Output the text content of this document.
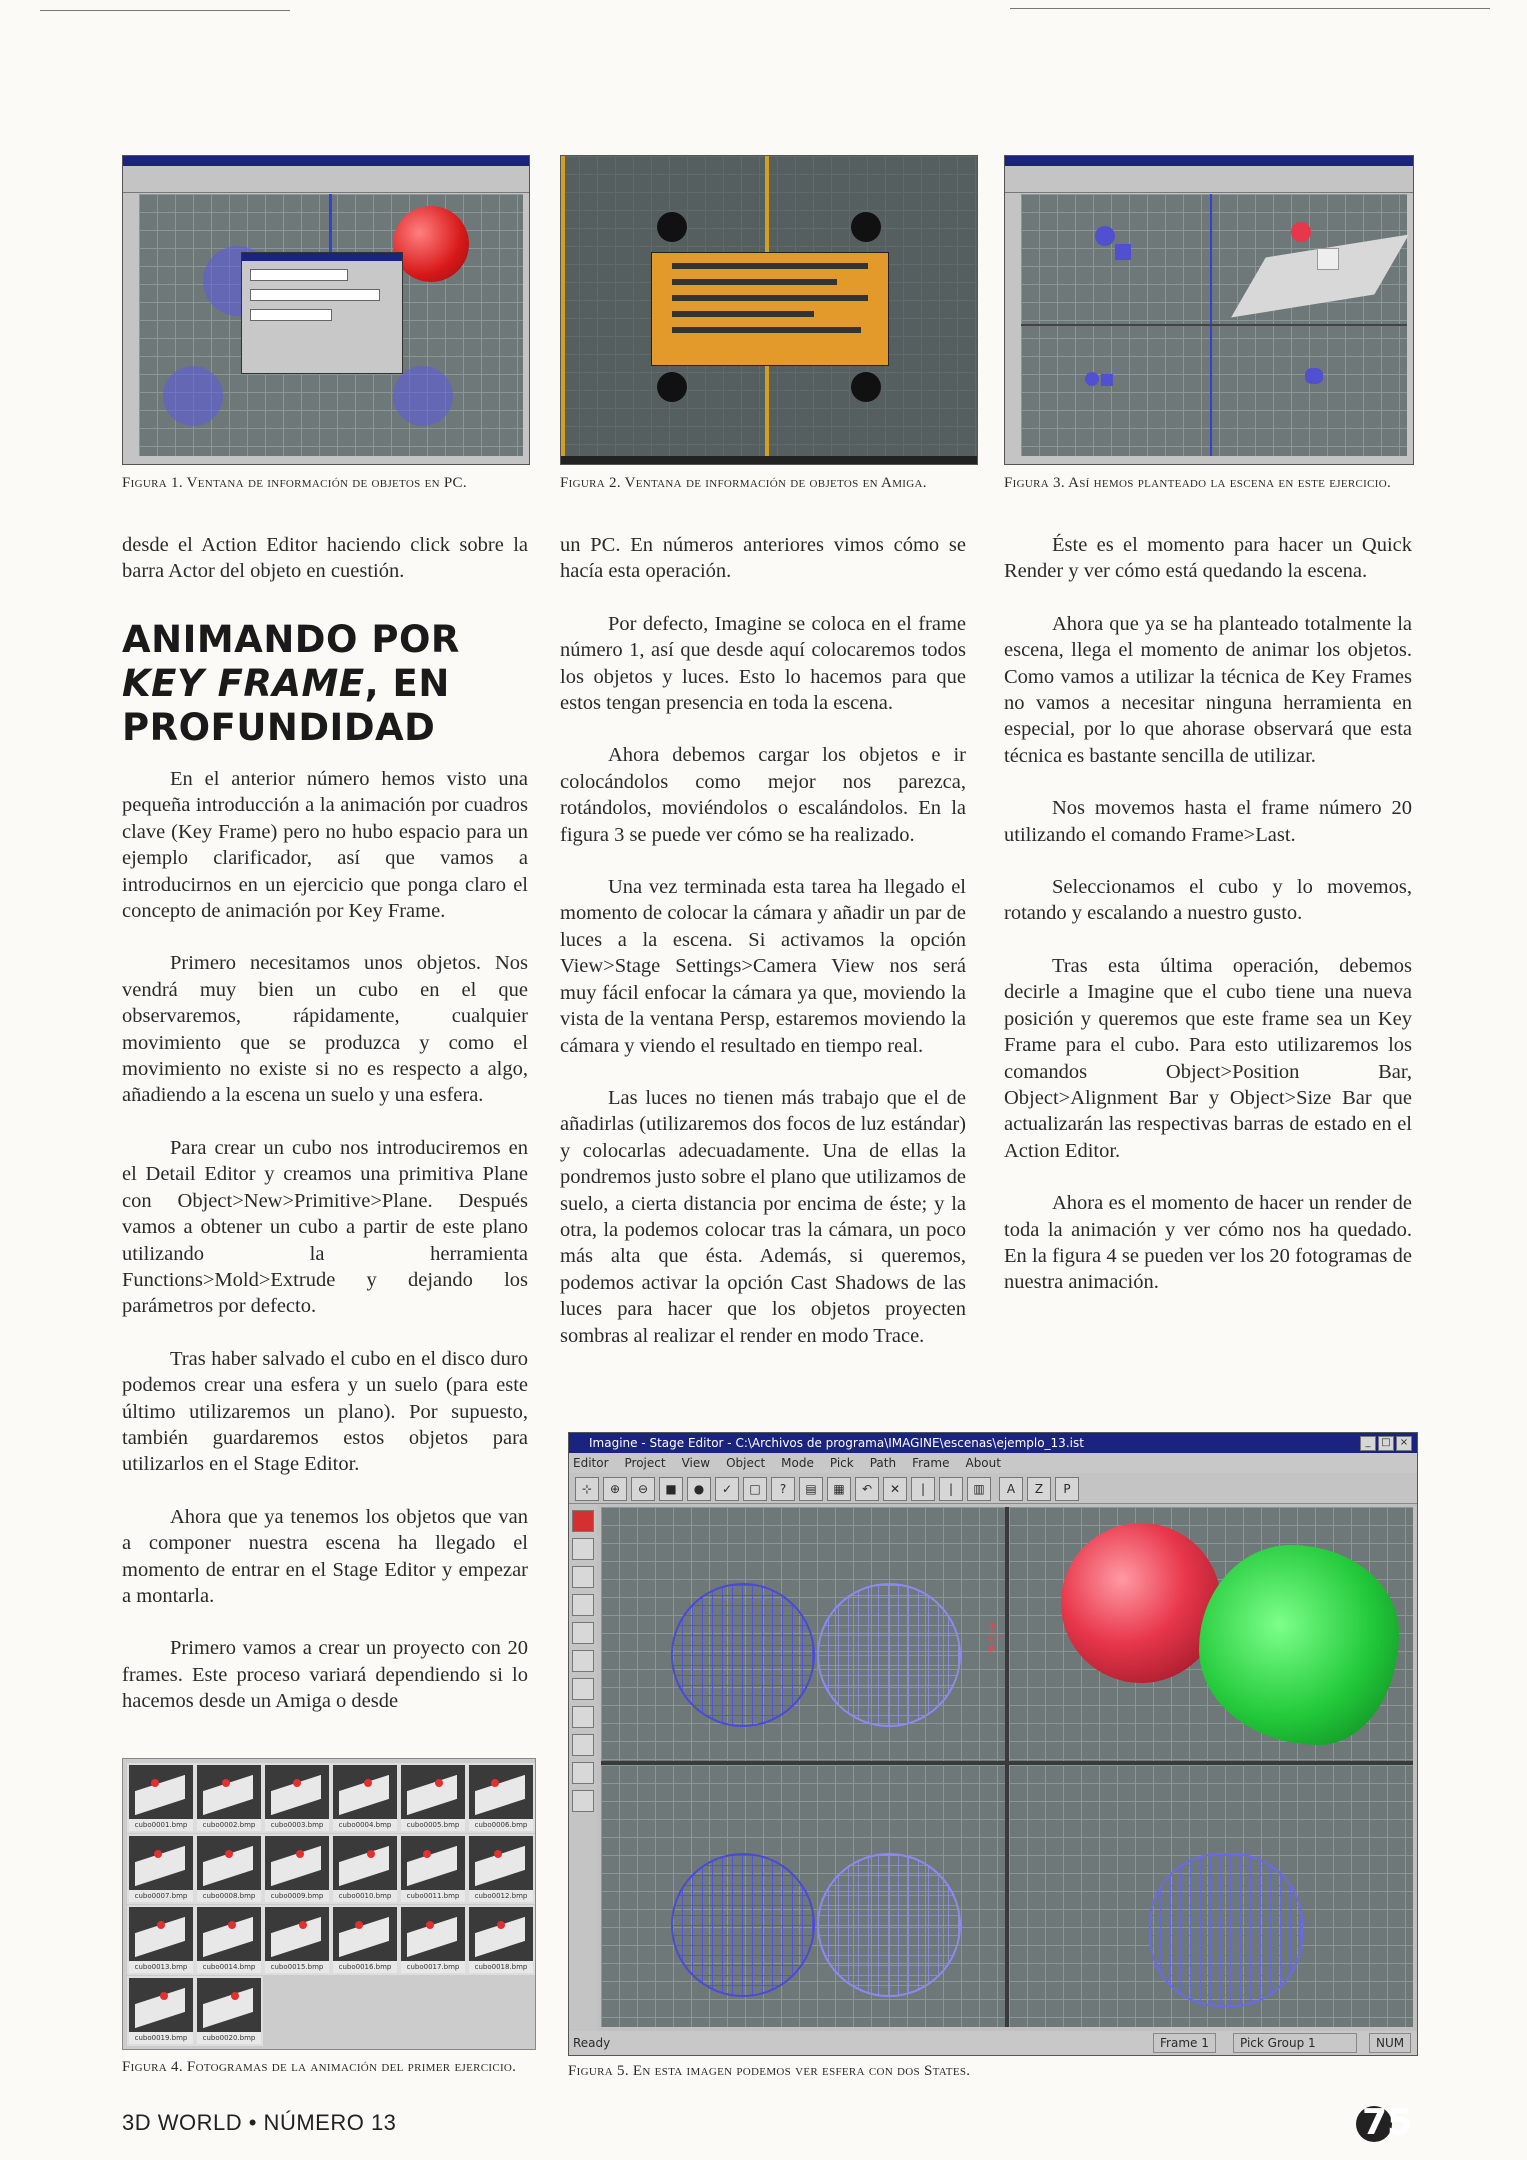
Figura 1. Ventana de información de objetos en PC.	Figura 2. Ventana de información de objetos en Amiga.	Figura 3. Así hemos planteado la escena en este ejercicio.

desde el Action Editor haciendo click sobre la barra Actor del objeto en cuestión.

ANIMANDO POR
KEY FRAME, EN
PROFUNDIDAD

En el anterior número hemos visto una pequeña introducción a la animación por cuadros clave (Key Frame) pero no hubo espacio para un ejemplo clarificador, así que vamos a introducirnos en un ejercicio que ponga claro el concepto de animación por Key Frame.

Primero necesitamos unos objetos. Nos vendrá muy bien un cubo en el que observaremos, rápidamente, cualquier movimiento que se produzca y como el movimiento no existe si no es respecto a algo, añadiendo a la escena un suelo y una esfera.

Para crear un cubo nos introduciremos en el Detail Editor y creamos una primitiva Plane con Object>New>Primitive>Plane. Después vamos a obtener un cubo a partir de este plano utilizando la herramienta Functions>Mold>Extrude y dejando los parámetros por defecto.

Tras haber salvado el cubo en el disco duro podemos crear una esfera y un suelo (para este último utilizaremos un plano). Por supuesto, también guardaremos estos objetos para utilizarlos en el Stage Editor.

Ahora que ya tenemos los objetos que van a componer nuestra escena ha llegado el momento de entrar en el Stage Editor y empezar a montarla.

Primero vamos a crear un proyecto con 20 frames. Este proceso variará dependiendo si lo hacemos desde un Amiga o desde

un PC. En números anteriores vimos cómo se hacía esta operación.

Por defecto, Imagine se coloca en el frame número 1, así que desde aquí colocaremos todos los objetos y luces. Esto lo hacemos para que estos tengan presencia en toda la escena.

Ahora debemos cargar los objetos e ir colocándolos como mejor nos parezca, rotándolos, moviéndolos o escalándolos. En la figura 3 se puede ver cómo se ha realizado.

Una vez terminada esta tarea ha llegado el momento de colocar la cámara y añadir un par de luces a la escena. Si activamos la opción View>Stage Settings>Camera View nos será muy fácil enfocar la cámara ya que, moviendo la vista de la ventana Persp, estaremos moviendo la cámara y viendo el resultado en tiempo real.

Las luces no tienen más trabajo que el de añadirlas (utilizaremos dos focos de luz estándar) y colocarlas adecuadamente. Una de ellas la pondremos justo sobre el plano que utilizamos de suelo, a cierta distancia por encima de éste; y la otra, la podemos colocar tras la cámara, un poco más alta que ésta. Además, si queremos, podemos activar la opción Cast Shadows de las luces para hacer que los objetos proyecten sombras al realizar el render en modo Trace.

Éste es el momento para hacer un Quick Render y ver cómo está quedando la escena.

Ahora que ya se ha planteado totalmente la escena, llega el momento de animar los objetos. Como vamos a utilizar la técnica de Key Frames no vamos a necesitar ninguna herramienta en especial, por lo que ahorase observará que esta técnica es bastante sencilla de utilizar.

Nos movemos hasta el frame número 20 utilizando el comando Frame>Last.

Seleccionamos el cubo y lo movemos, rotando y escalando a nuestro gusto.

Tras esta última operación, debemos decirle a Imagine que el cubo tiene una nueva posición y queremos que este frame sea un Key Frame para el cubo. Para esto utilizaremos los comandos Object>Position Bar, Object>Alignment Bar y Object>Size Bar que actualizarán las respectivas barras de estado en el Action Editor.

Ahora es el momento de hacer un render de toda la animación y ver cómo nos ha quedado. En la figura 4 se pueden ver los 20 fotogramas de nuestra animación.

cubo0001.bmp	cubo0002.bmp	cubo0003.bmp	cubo0004.bmp	cubo0005.bmp	cubo0006.bmp
cubo0007.bmp	cubo0008.bmp	cubo0009.bmp	cubo0010.bmp	cubo0011.bmp	cubo0012.bmp
cubo0013.bmp	cubo0014.bmp	cubo0015.bmp	cubo0016.bmp	cubo0017.bmp	cubo0018.bmp
cubo0019.bmp	cubo0020.bmp
Figura 4. Fotogramas de la animación del primer ejercicio.
Imagine - Stage Editor - C:\Archivos de programa\IMAGINE\escenas\ejemplo_13.ist	_ □ ×
Editor Project View Object Mode Pick Path Frame About
⊹ ⊕ ⊖ ■ ● ✓ □ ? ▤ ▦ ↶ ✕ | | ▥ A Z P
TOP
Ready	Frame 1	Pick Group 1	NUM
Figura 5. En esta imagen podemos ver esfera con dos States.
3D WORLD • NÚMERO 13	75
